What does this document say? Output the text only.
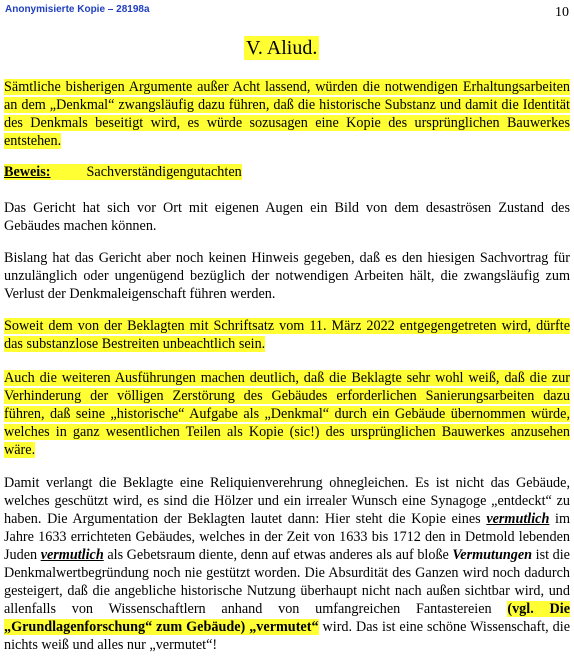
Anonymisierte Kopie – 28198a	10
V. Aliud.
Sämtliche bisherigen Argumente außer Acht lassend, würden die notwendigen Erhaltungsarbeiten an dem „Denkmal“ zwangsläufig dazu führen, daß die historische Substanz und damit die Identität des Denkmals beseitigt wird, es würde sozusagen eine Kopie des ursprünglichen Bauwerkes entstehen.
Beweis:	Sachverständigengutachten
Das Gericht hat sich vor Ort mit eigenen Augen ein Bild von dem desaströsen Zustand des Gebäudes machen können.
Bislang hat das Gericht aber noch keinen Hinweis gegeben, daß es den hiesigen Sachvortrag für unzulänglich oder ungenügend bezüglich der notwendigen Arbeiten hält, die zwangsläufig zum Verlust der Denkmaleigenschaft führen werden.
Soweit dem von der Beklagten mit Schriftsatz vom 11. März 2022 entgegengetreten wird, dürfte das substanzlose Bestreiten unbeachtlich sein.
Auch die weiteren Ausführungen machen deutlich, daß die Beklagte sehr wohl weiß, daß die zur Verhinderung der völligen Zerstörung des Gebäudes erforderlichen Sanierungsarbeiten dazu führen, daß seine „historische“ Aufgabe als „Denkmal“ durch ein Gebäude übernommen würde, welches in ganz wesentlichen Teilen als Kopie (sic!) des ursprünglichen Bauwerkes anzusehen wäre.
Damit verlangt die Beklagte eine Reliquienverehrung ohnegleichen. Es ist nicht das Gebäude, welches geschützt wird, es sind die Hölzer und ein irrealer Wunsch eine Synagoge „entdeckt“ zu haben. Die Argumentation der Beklagten lautet dann: Hier steht die Kopie eines vermutlich im Jahre 1633 errichteten Gebäudes, welches in der Zeit von 1633 bis 1712 den in Detmold lebenden Juden vermutlich als Gebetsraum diente, denn auf etwas anderes als auf bloße Vermutungen ist die Denkmalwertbegründung noch nie gestützt worden. Die Absurdität des Ganzen wird noch dadurch gesteigert, daß die angebliche historische Nutzung überhaupt nicht nach außen sichtbar wird, und allenfalls von Wissenschaftlern anhand von umfangreichen Fantastereien (vgl. Die „Grundlagenforschung“ zum Gebäude) „vermutet“ wird. Das ist eine schöne Wissenschaft, die nichts weiß und alles nur „vermutet“!
